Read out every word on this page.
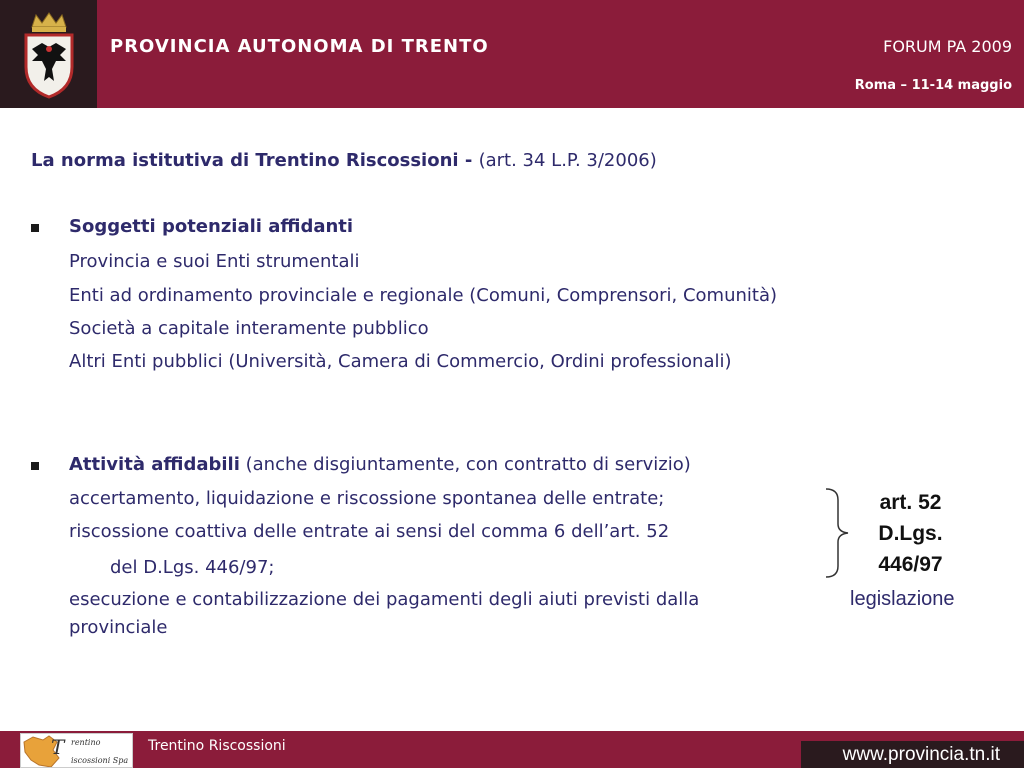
PROVINCIA AUTONOMA DI TRENTO	FORUM PA 2009
Roma – 11-14 maggio
La norma istitutiva di Trentino Riscossioni - (art. 34 L.P. 3/2006)
Soggetti potenziali affidanti
Provincia e suoi Enti strumentali
Enti ad ordinamento provinciale e regionale (Comuni, Comprensori, Comunità)
Società a capitale interamente pubblico
Altri Enti pubblici (Università, Camera di Commercio, Ordini professionali)
Attività affidabili (anche disgiuntamente, con contratto di servizio)
accertamento, liquidazione e riscossione spontanea delle entrate;
riscossione coattiva delle entrate ai sensi del comma 6 dell’art. 52
del D.Lgs. 446/97;
esecuzione e contabilizzazione dei pagamenti degli aiuti previsti dalla
provinciale
legislazione
art. 52
D.Lgs.
446/97
T rentino
iscossioni Spa
Trentino Riscossioni	www.provincia.tn.it
